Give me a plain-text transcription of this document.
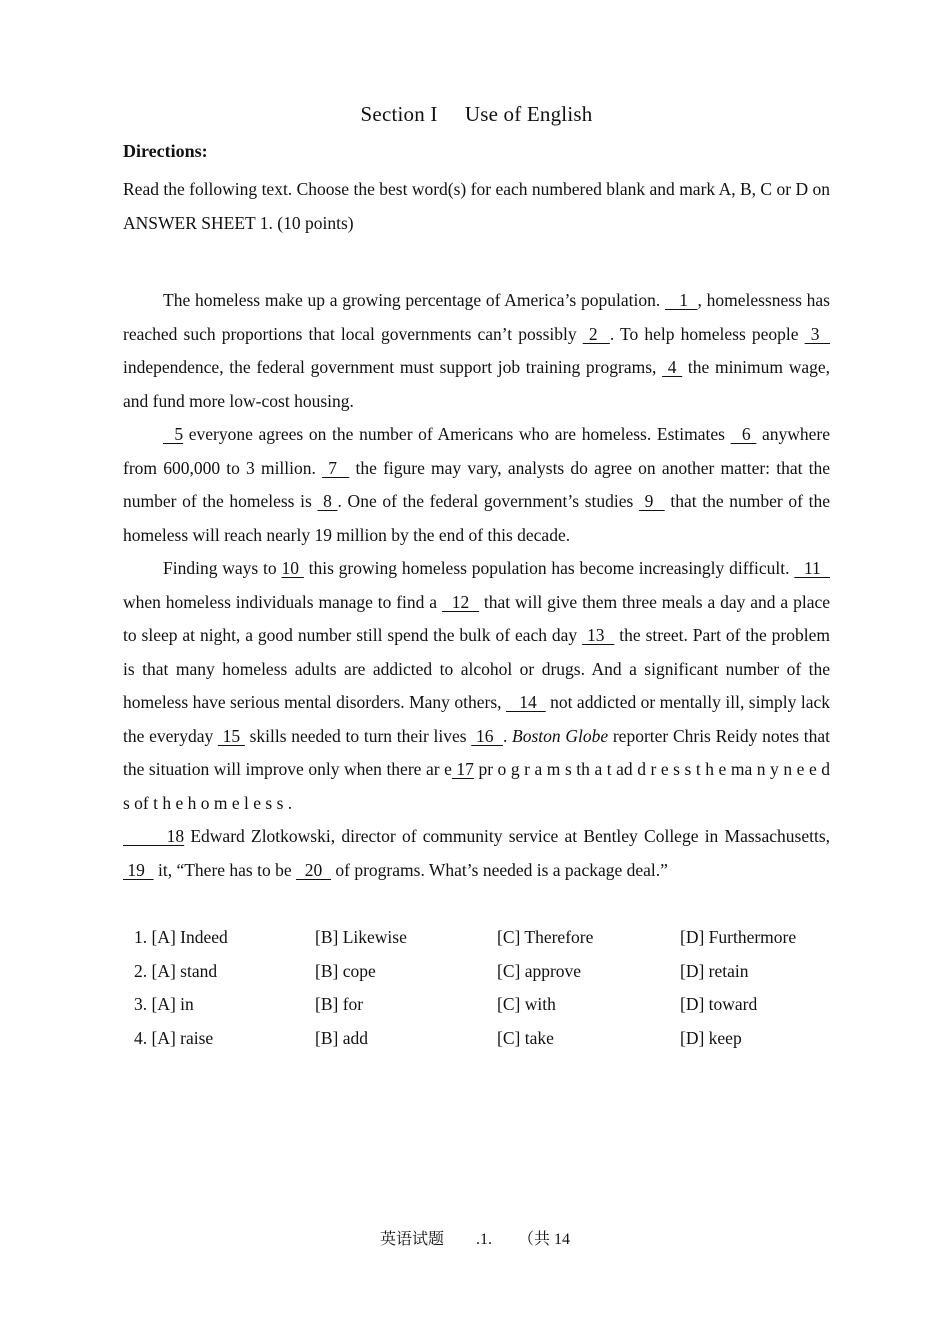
Section I     Use of English
Directions:

Read the following text. Choose the best word(s) for each numbered blank and mark A, B, C or D on ANSWER SHEET 1. (10 points)

The homeless make up a growing percentage of America’s population.    1  , homelessness has reached such proportions that local governments can’t possibly  2  . To help homeless people  3   independence, the federal government must support job training programs,  4  the minimum wage, and fund more low-cost housing.

5 everyone agrees on the number of Americans who are homeless. Estimates   6  anywhere from 600,000 to 3 million.  7   the figure may vary, analysts do agree on another matter: that the number of the homeless is  8 . One of the federal government’s studies  9   that the number of the homeless will reach nearly 19 million by the end of this decade.

Finding ways to 10  this growing homeless population has become increasingly difficult.   11   when homeless individuals manage to find a   12   that will give them three meals a day and a place to sleep at night, a good number still spend the bulk of each day  13   the street. Part of the problem is that many homeless adults are addicted to alcohol or drugs. And a significant number of the homeless have serious mental disorders. Many others,    14   not addicted or mentally ill, simply lack the everyday  15  skills needed to turn their lives  16  . Boston Globe reporter Chris Reidy notes that the situation will improve only when there ar e 17 pr o g r a m s th a t ad d r e s s t h e ma n y n e e d s of t h e h o m e l e s s .

18 Edward Zlotkowski, director of community service at Bentley College in Massachusetts,  19   it, “There has to be   20   of programs. What’s needed is a package deal.”

1. [A] Indeed	[B] Likewise	[C] Therefore	[D] Furthermore
2. [A] stand	[B] cope	[C] approve	[D] retain
3. [A] in	[B] for	[C] with	[D] toward
4. [A] raise	[B] add	[C] take	[D] keep
英语试题 .1. （共 14
